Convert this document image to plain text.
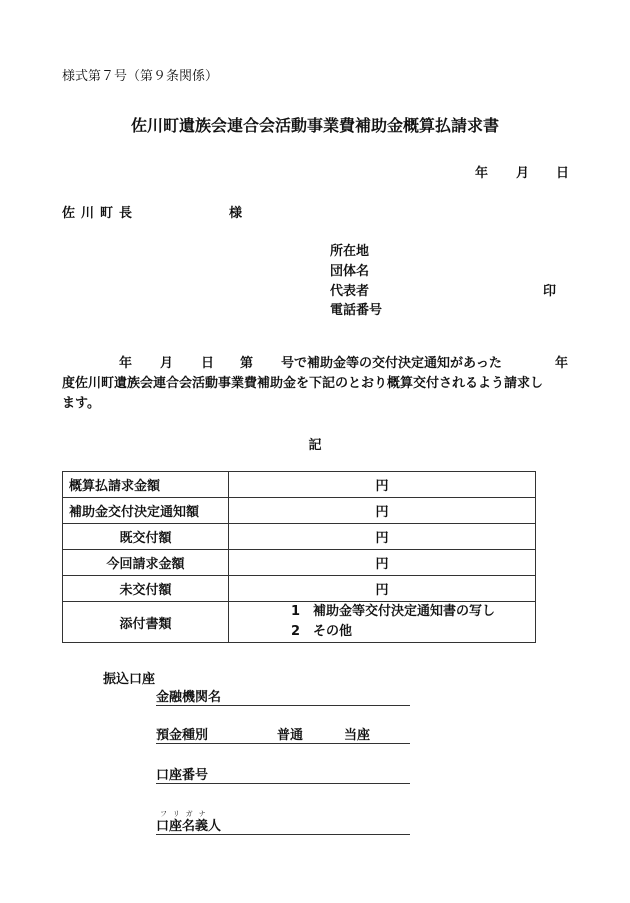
様式第７号（第９条関係）
佐川町遺族会連合会活動事業費補助金概算払請求書
年 月 日
佐川町長	様
所在地
団体名
代表者	印
電話番号
年 月 日 第 号で補助金等の交付決定通知があった	年
度佐川町遺族会連合会活動事業費補助金を下記のとおり概算交付されるよう請求し
ます。
記
概算払請求金額	円
補助金交付決定通知額	円
既交付額	円
今回請求金額	円
未交付額	円
添付書類	1　補助金等交付決定通知書の写し
2　その他
振込口座
金融機関名
預金種別	普通	当座
口座番号
フリガナ
口座名義人
